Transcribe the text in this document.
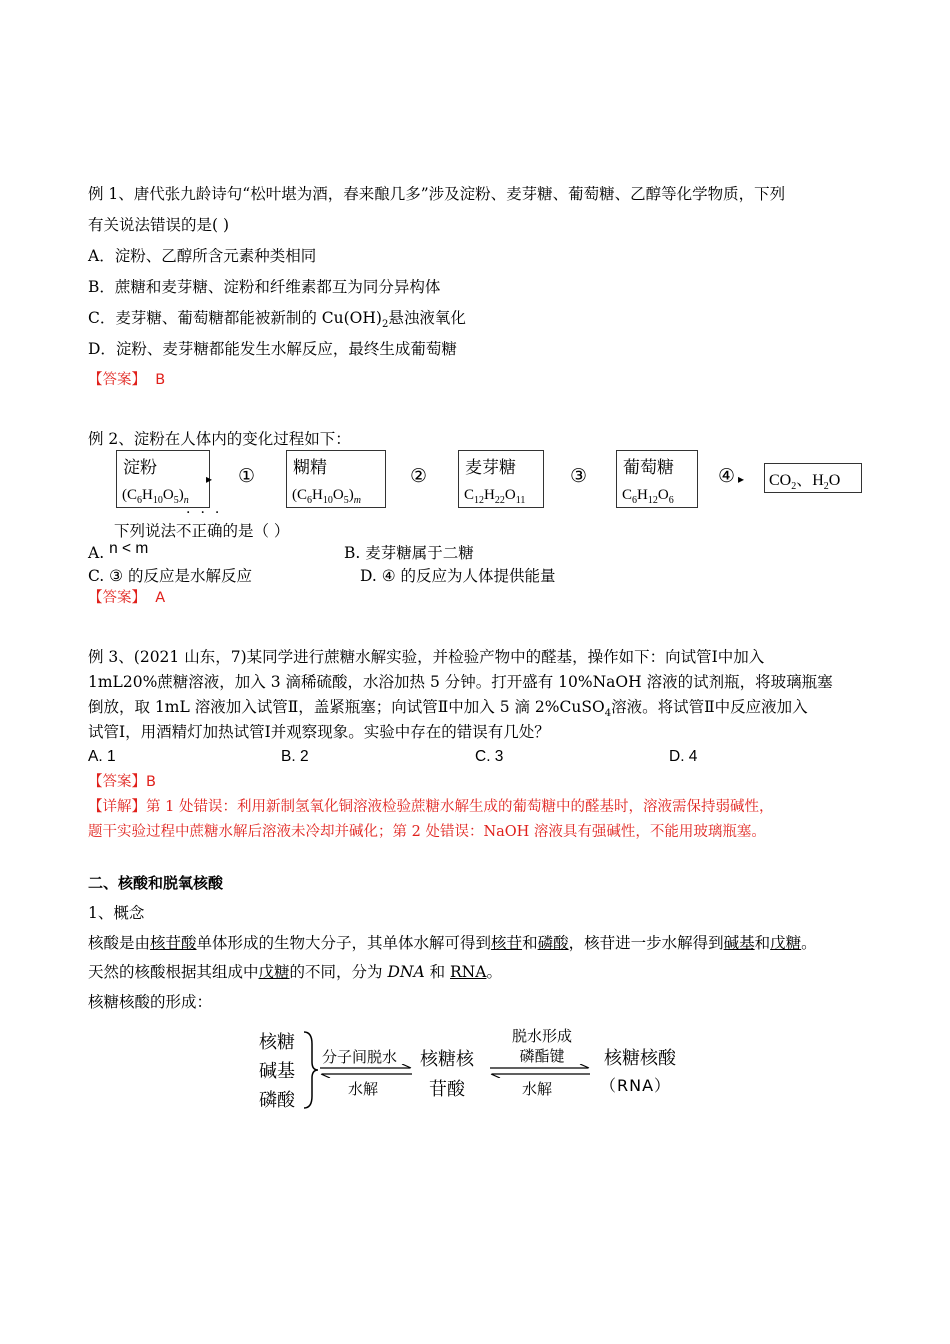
例 1、唐代张九龄诗句“松叶堪为酒，春来酿几多”涉及淀粉、麦芽糖、葡萄糖、乙醇等化学物质，下列
有关说法错误的是( )
A．淀粉、乙醇所含元素种类相同
B．蔗糖和麦芽糖、淀粉和纤维素都互为同分异构体
C．麦芽糖、葡萄糖都能被新制的 $Cu(OH)_2$悬浊液氧化
D．淀粉、麦芽糖都能发生水解反应，最终生成葡萄糖
【答案】 B
例 2、淀粉在人体内的变化过程如下：
淀粉
$(C_6H_{10}O_5)_n$
▸ ① 糊精
$(C_6H_{10}O_5)_m$
② 麦芽糖
$C_{12}H_{22}O_{11}$
③ 葡萄糖
$C_6H_{12}O_6$
④ ▸ $CO_2$、$H_2O$
···
下列说法不正确的是（ ）
A. n < m	B. 麦芽糖属于二糖
C. ③ 的反应是水解反应	D. ④ 的反应为人体提供能量
【答案】 A
例 3、(2021 山东，7)某同学进行蔗糖水解实验，并检验产物中的醛基，操作如下：向试管Ⅰ中加入
1mL20%蔗糖溶液，加入 3 滴稀硫酸，水浴加热 5 分钟。打开盛有 10%NaOH 溶液的试剂瓶，将玻璃瓶塞
倒放，取 1mL 溶液加入试管Ⅱ，盖紧瓶塞；向试管Ⅱ中加入 5 滴 2%CuSO$_4$溶液。将试管Ⅱ中反应液加入
试管Ⅰ，用酒精灯加热试管Ⅰ并观察现象。实验中存在的错误有几处？
A. 1	B. 2	C. 3	D. 4
【答案】B
【详解】第 1 处错误：利用新制氢氧化铜溶液检验蔗糖水解生成的葡萄糖中的醛基时，溶液需保持弱碱性，
题干实验过程中蔗糖水解后溶液未冷却并碱化；第 2 处错误：NaOH 溶液具有强碱性，不能用玻璃瓶塞。
二、核酸和脱氧核酸
1、概念
核酸是由核苷酸单体形成的生物大分子，其单体水解可得到核苷和磷酸，核苷进一步水解得到碱基和戊糖。
天然的核酸根据其组成中戊糖的不同，分为 DNA 和 RNA。
核糖核酸的形成：
核糖
碱基
磷酸
分子间脱水
水解
核糖核
苷酸
脱水形成
磷酯键
水解
核糖核酸
（RNA）
